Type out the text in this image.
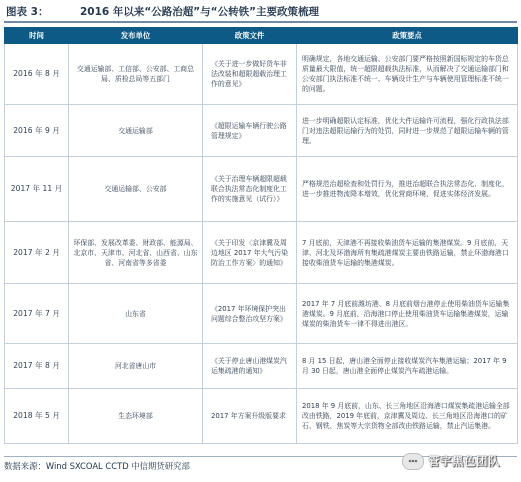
图表 3：	2016 年以来“公路治超”与“公转铁”主要政策梳理
时间	发布单位	政策文件	政策要点
2016 年 8 月	交通运输部、工信部、公安部、工商总局、质检总局等五部门	《关于进一步做好货车非法改装和超限超载治理工作的意见》	明确规定，各地交通运输、公安部门要严格按照新国标规定的车货总质量最大限值，统一超限超载执法标准，从而解决了交通运输部门和公安部门执法标准不统一、车辆设计生产与车辆使用管理标准不统一的问题。
2016 年 9 月	交通运输部	《超限运输车辆行驶公路管理规定》	进一步明确超限认定标准，优化大件运输许可流程，强化行政执法部门对违法超限运输行为的处罚，同时进一步规范了超限运输车辆的管理。
2017 年 11 月	交通运输部、公安部	《关于治理车辆超限超载联合执法常态化制度化工作的实施意见（试行）》	严格规范治超检查和处罚行为，推进治超联合执法常态化、制度化，进一步推进物流降本增效，优化营商环境，促进实体经济发展。
2017 年 2 月	环保部、发展改革委、财政部、能源局、北京市、天津市、河北省、山西省、山东省、河南省等多省委	《关于印发〈京津冀及周边地区 2017 年大气污染防治工作方案〉的通知》	7 月底前，天津港不再接收柴油货车运输的集港煤炭。9 月底前，天津、河北及环渤海所有集疏港煤炭主要由铁路运输，禁止环渤海港口接收柴油货车运输的集港煤炭。
2017 年 7 月	山东省	《2017 年环境保护突出问题综合整治攻坚方案》	2017 年 7 月底前潍坊港、8 月底前烟台港停止使用柴油货车运输集港煤炭。9 月底前，沿海港口停止使用柴油货车运输集港煤炭，运输煤炭的柴油货车一律不得进出港区。
2017 年 8 月	河北省唐山市	《关于停止唐山港煤炭汽运集疏港的通知》	8 月 15 日起，唐山港全面停止接收煤炭汽车集港运输；2017 年 9 月 30 日起，唐山港全面停止煤炭汽车疏港运输。
2018 年 5 月	生态环境部	2017 年方案升级版要求	2018 年 9 月底前，山东、长三角地区沿海港口煤炭集疏港运输全部改由铁路，2019 年底前，京津冀及周边、长三角地区沿海港口的矿石、钢铁、焦炭等大宗货物全部改由铁路运输，禁止汽运集港。
数据来源：Wind SXCOAL CCTD 中信期货研究部	管宇黑色团队
